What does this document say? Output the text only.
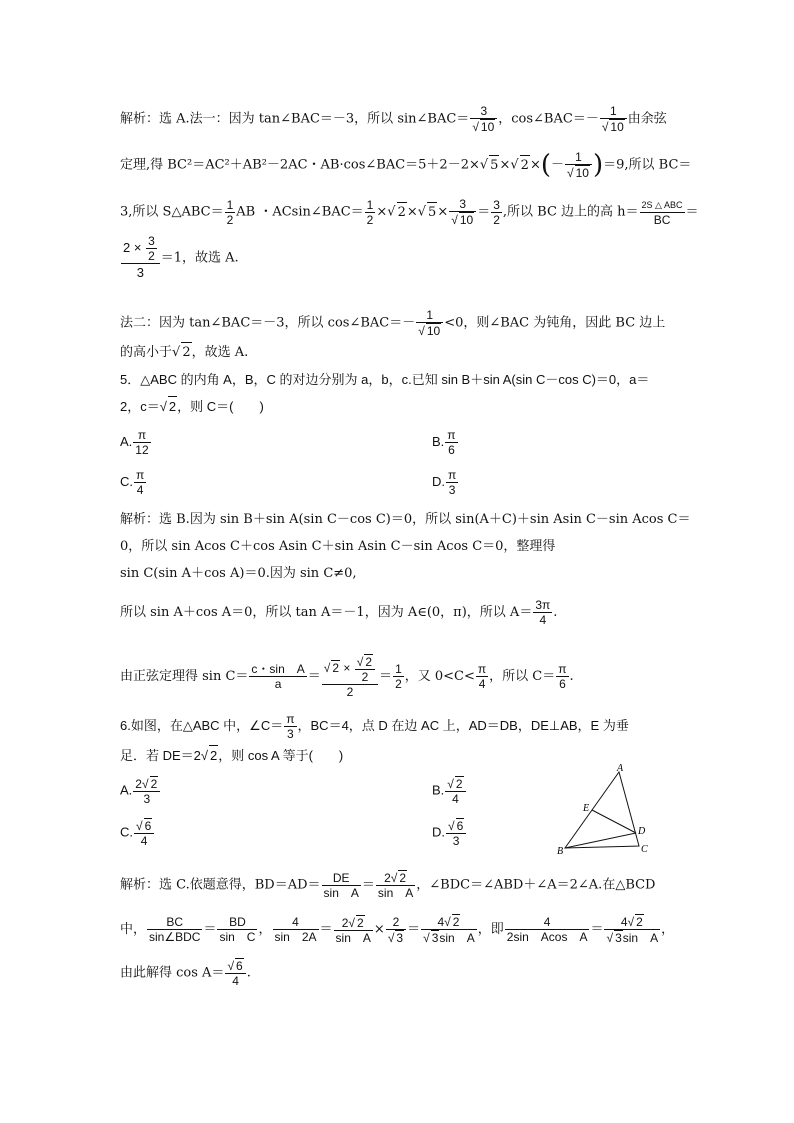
解析：选 A.法一：因为 tan∠BAC＝－3，所以 sin∠BAC＝ $\frac{3}{√ 10}$ ，cos∠BAC＝－ $\frac{1}{√ 10}$ 由余弦
定理,得 BC²＝AC²＋AB²－2AC・AB·cos∠BAC＝5＋2－2×√ 5×√ $2\times(- \frac{1}{√ 10} )=9$,所以 BC＝
3,所以 S△ABC＝ $\frac{1}{2}$ AB ・ACsin∠BAC＝ $\frac{1}{2}$ ×√ 2×√ $5\times \frac{3}{√ 10} = \frac{3}{2}$ ,所以 BC 边上的高 $h= \frac{\text{2S △ ABC}}{BC}$ ＝
$\frac{2 \times \frac{3}{2}}{3} =1$，故选 A.
法二：因为 tan∠BAC＝－3，所以 cos∠BAC＝－ $\frac{1}{√ 10} <0$，则∠BAC 为钝角，因此 BC 边上
的高小于√ 2，故选 A.
5．△ABC 的内角 A，B，C 的对边分别为 a，b，c.已知 sin B＋sin A(sin C－cos C)＝0，a＝
2，c＝√ 2，则 C＝(　　)
A. $\frac{\pi}{12}$	B. $\frac{\pi}{6}$
C. $\frac{\pi}{4}$	D. $\frac{\pi}{3}$
解析：选 B.因为 sin B＋sin A(sin C－cos C)＝0，所以 sin(A＋C)＋sin Asin C－sin Acos C＝
0，所以 sin Acos C＋cos Asin C＋sin Asin C－sin Acos C＝0，整理得
sin C(sin A＋cos A)＝0.因为 sin C≠0,
所以 sin A＋cos A＝0，所以 tan A＝－1，因为 A∈(0，π)，所以 $A= \frac{3\pi}{4}$ .
由正弦定理得 $\sin C= \frac{\text{c・sin　A}}{a} = \frac{√ 2 \times \frac{√ 2}{2}}{2} = \frac{1}{2}$ ，又 $0<C< \frac{\pi}{4}$ ，所以 $C= \frac{\pi}{6}$ .
6.如图，在△ABC 中，∠C＝ $\frac{\pi}{3}$ ，BC＝4，点 D 在边 AC 上，AD＝DB，DE⊥AB，E 为垂
足．若 DE＝2√ 2，则 cos A 等于(　　)
A. $\frac{2√ 2}{3}$	B. $\frac{√ 2}{4}$
C. $\frac{√ 6}{4}$	D. $\frac{√ 6}{3}$
A
B	C
D
E
解析：选 C.依题意得，$BD=AD= \frac{DE}{\text{sin　A}} = \frac{2√ 2}{\text{sin　A}}$ ，∠BDC＝∠ABD＋∠A＝2∠A.在△BCD
中， $\frac{BC}{\text{sin∠BDC}} = \frac{BD}{\text{sin　C}}$ ， $\frac{4}{\sin 2A} = \frac{2√ 2}{\text{sin　A}} \times \frac{2}{√ 3} = \frac{4√ 2}{\text{√ 3sin　A}}$ ，即 $\frac{4}{\text{2sin　Acos　A}} = \frac{4√ 2}{\text{√ 3sin　A}}$ ，
由此解得 $\cos A= \frac{√ 6}{4}$ .
